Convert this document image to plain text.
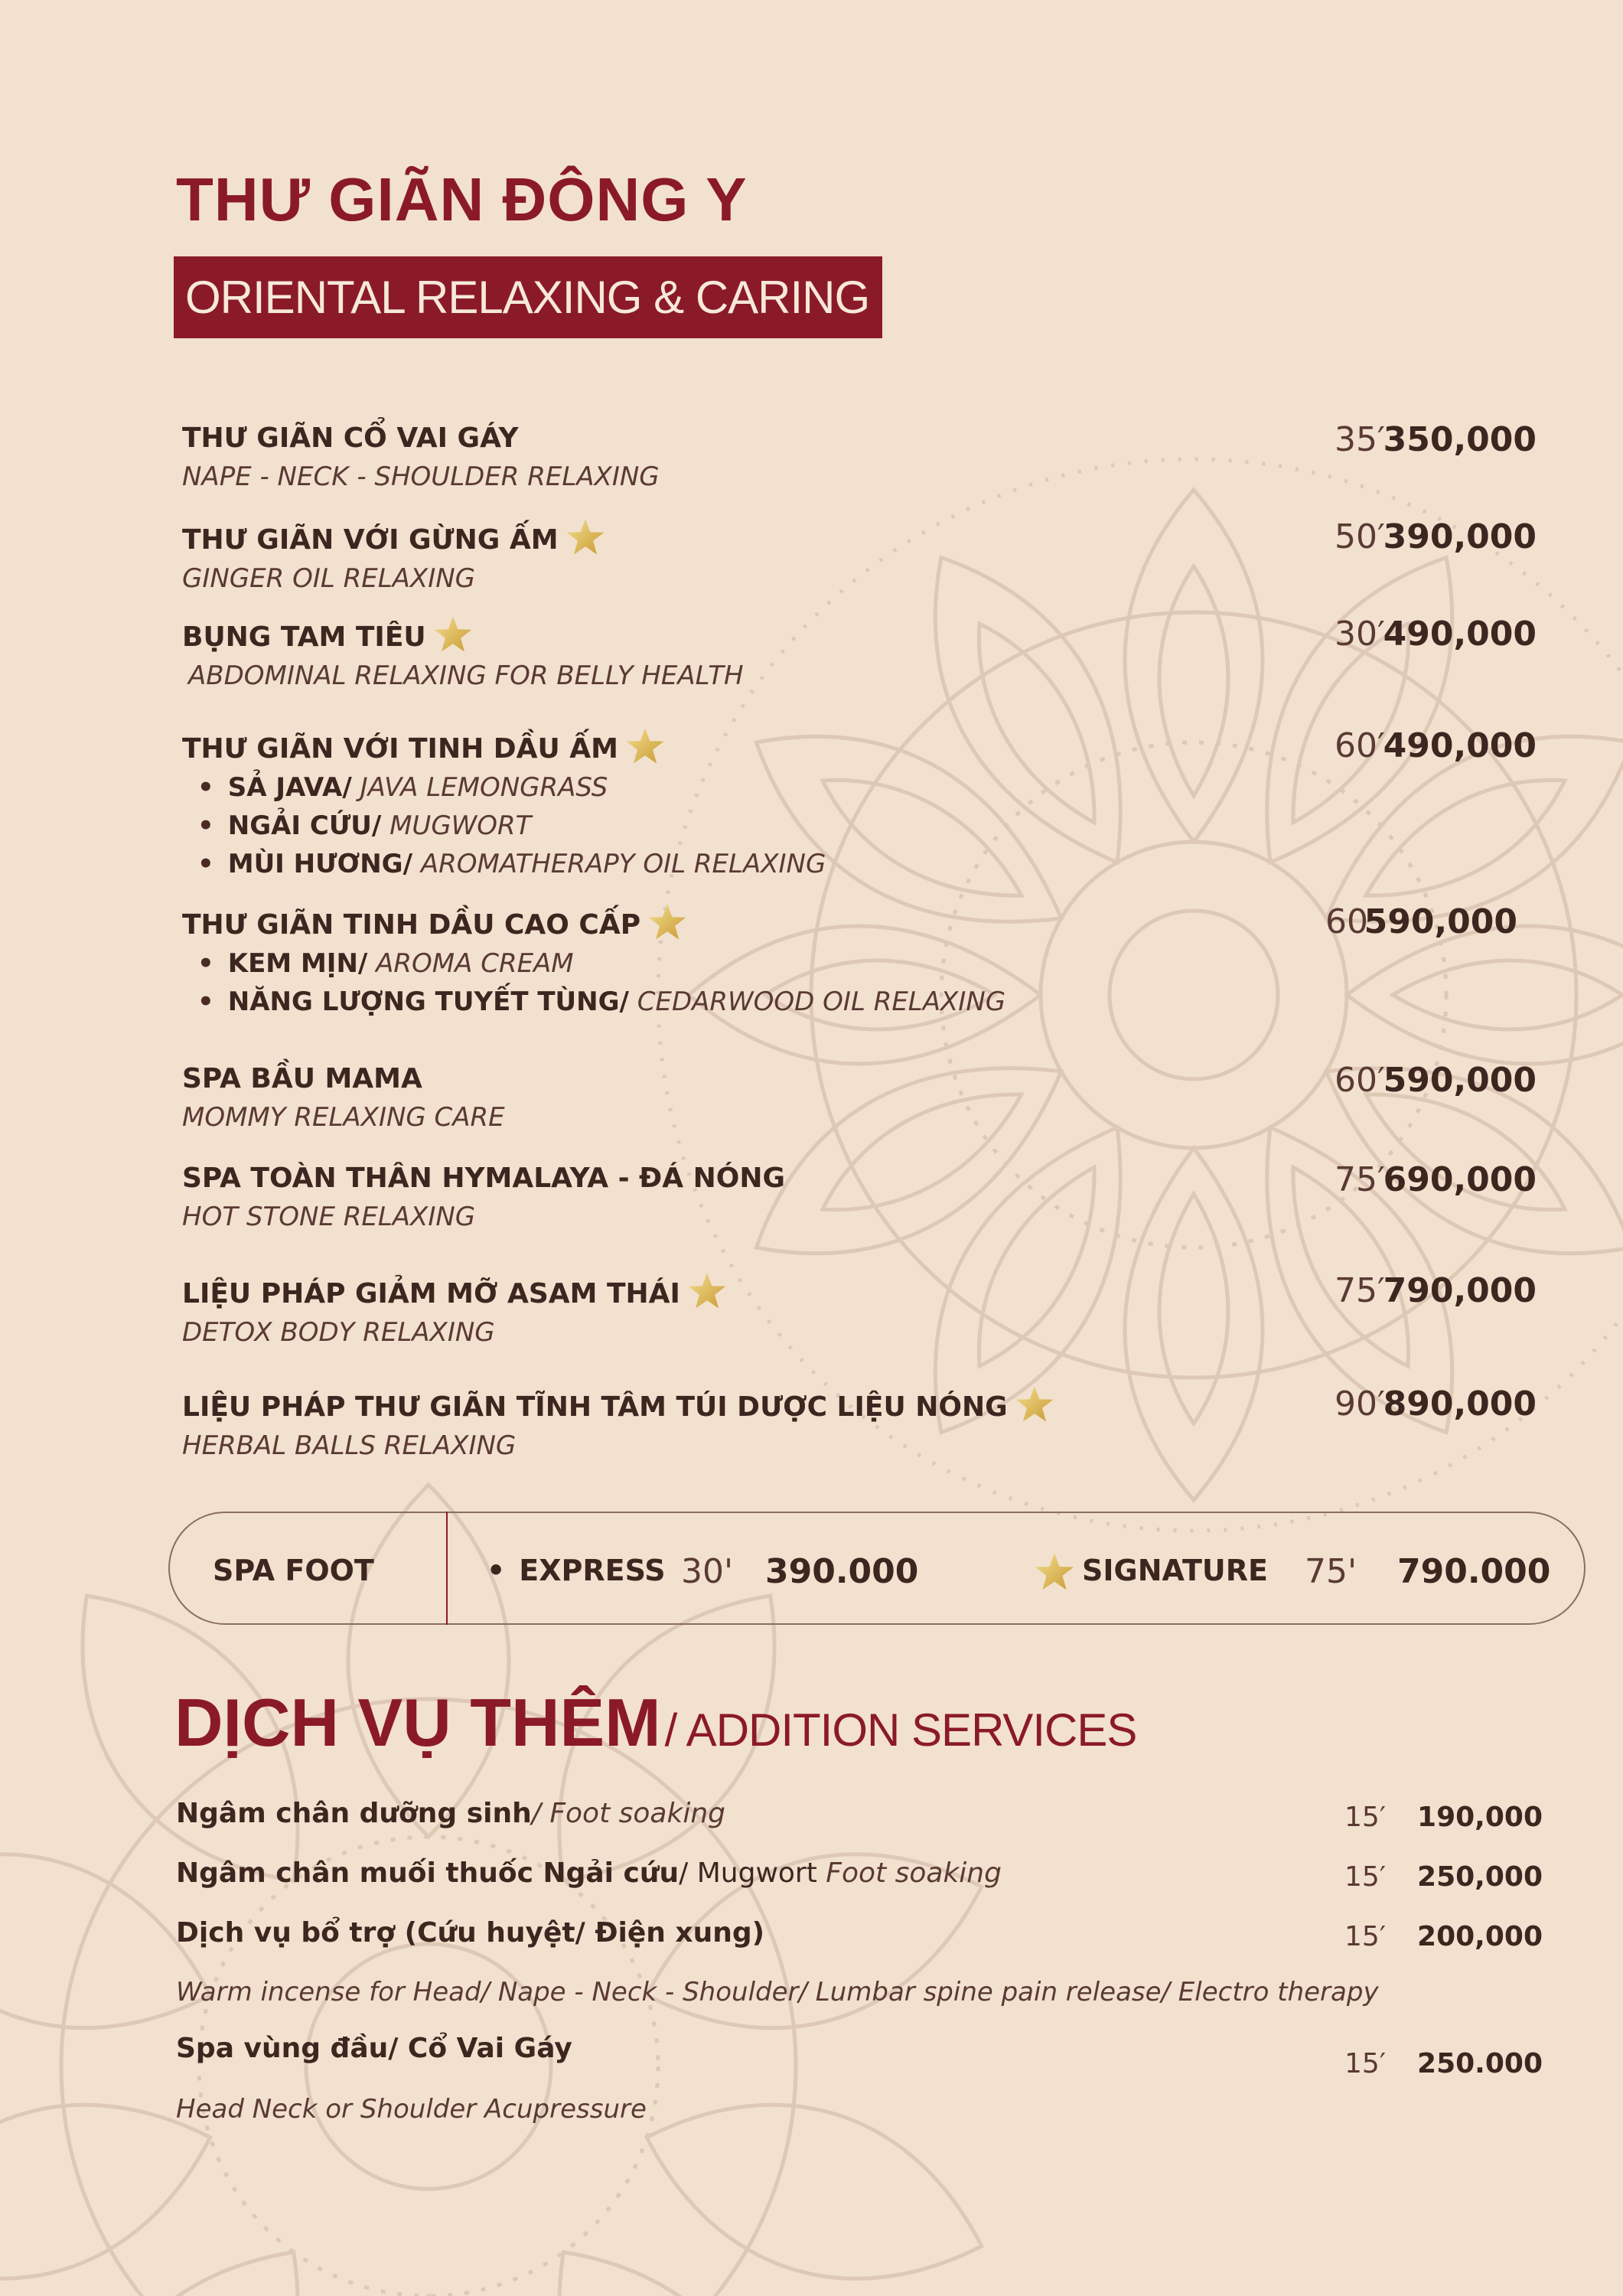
THƯ GIÃN ĐÔNG Y
ORIENTAL RELAXING & CARING
THƯ GIÃN CỔ VAI GÁY
NAPE - NECK - SHOULDER RELAXING
35′
350,000
THƯ GIÃN VỚI GỪNG ẤM
GINGER OIL RELAXING
50′
390,000
BỤNG TAM TIÊU
ABDOMINAL RELAXING FOR BELLY HEALTH
30′
490,000
THƯ GIÃN VỚI TINH DẦU ẤM
• SẢ JAVA/ JAVA LEMONGRASS
• NGẢI CỨU/ MUGWORT
• MÙI HƯƠNG/ AROMATHERAPY OIL RELAXING
60′
490,000
THƯ GIÃN TINH DẦU CAO CẤP
• KEM MỊN/ AROMA CREAM
• NĂNG LƯỢNG TUYẾT TÙNG/ CEDARWOOD OIL RELAXING
60′
590,000
SPA BẦU MAMA
MOMMY RELAXING CARE
60′
590,000
SPA TOÀN THÂN HYMALAYA - ĐÁ NÓNG
HOT STONE RELAXING
75′
690,000
LIỆU PHÁP GIẢM MỠ ASAM THÁI
DETOX BODY RELAXING
75′
790,000
LIỆU PHÁP THƯ GIÃN TĨNH TÂM TÚI DƯỢC LIỆU NÓNG
HERBAL BALLS RELAXING
90′
890,000
SPA FOOT	• EXPRESS 30' 390.000	SIGNATURE 75' 790.000
DỊCH VỤ THÊM / ADDITION SERVICES
Ngâm chân dưỡng sinh/ Foot soaking	15′ 190,000
Ngâm chân muối thuốc Ngải cứu/ Mugwort Foot soaking	15′ 250,000
Dịch vụ bổ trợ (Cứu huyệt/ Điện xung)	15′ 200,000
Warm incense for Head/ Nape - Neck - Shoulder/ Lumbar spine pain release/ Electro therapy
Spa vùng đầu/ Cổ Vai Gáy	15′ 250.000
Head Neck or Shoulder Acupressure
